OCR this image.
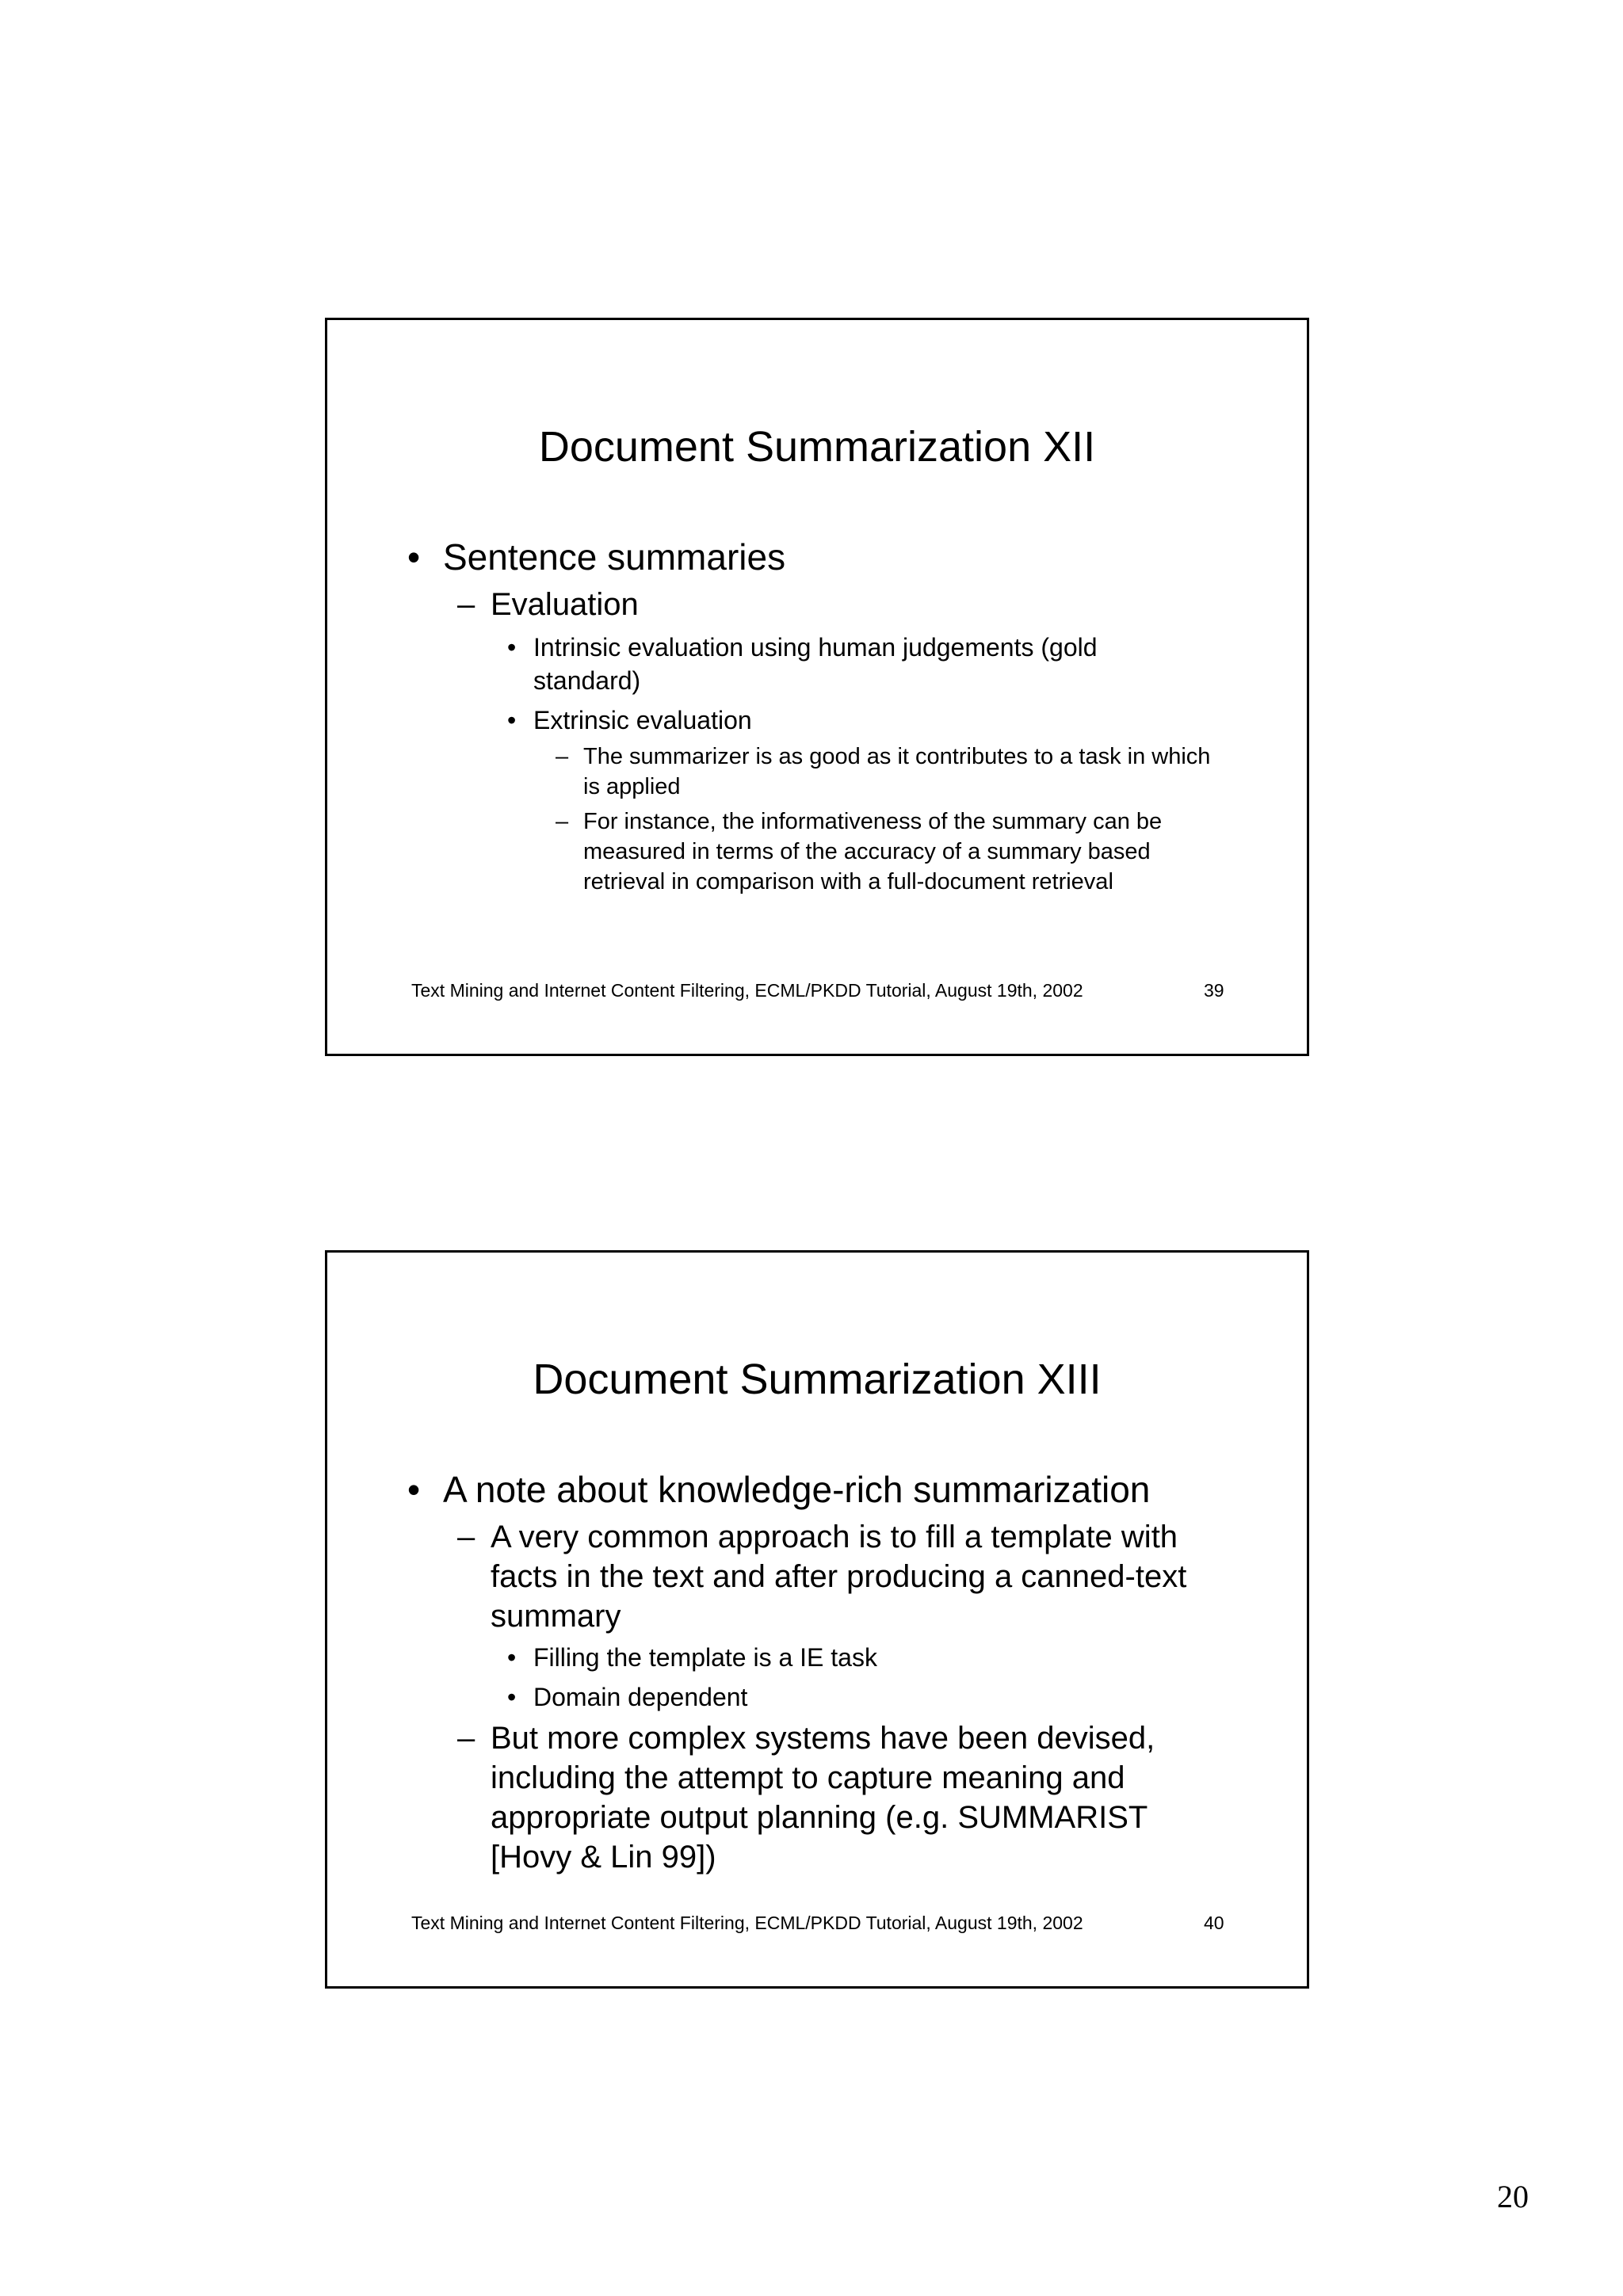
Document Summarization XII

• Sentence summaries

– Evaluation

• Intrinsic evaluation using human judgements (gold standard)

• Extrinsic evaluation

– The summarizer is as good as it contributes to a task in which is applied

– For instance, the informativeness of the summary can be measured in terms of the accuracy of a summary based retrieval in comparison with a full-document retrieval

Text Mining and Internet Content Filtering, ECML/PKDD Tutorial, August 19th, 2002	39
Document Summarization XIII

• A note about knowledge-rich summarization

– A very common approach is to fill a template with facts in the text and after producing a canned-text summary

• Filling the template is a IE task

• Domain dependent

– But more complex systems have been devised, including the attempt to capture meaning and appropriate output planning (e.g. SUMMARIST [Hovy & Lin 99])

Text Mining and Internet Content Filtering, ECML/PKDD Tutorial, August 19th, 2002	40
20
